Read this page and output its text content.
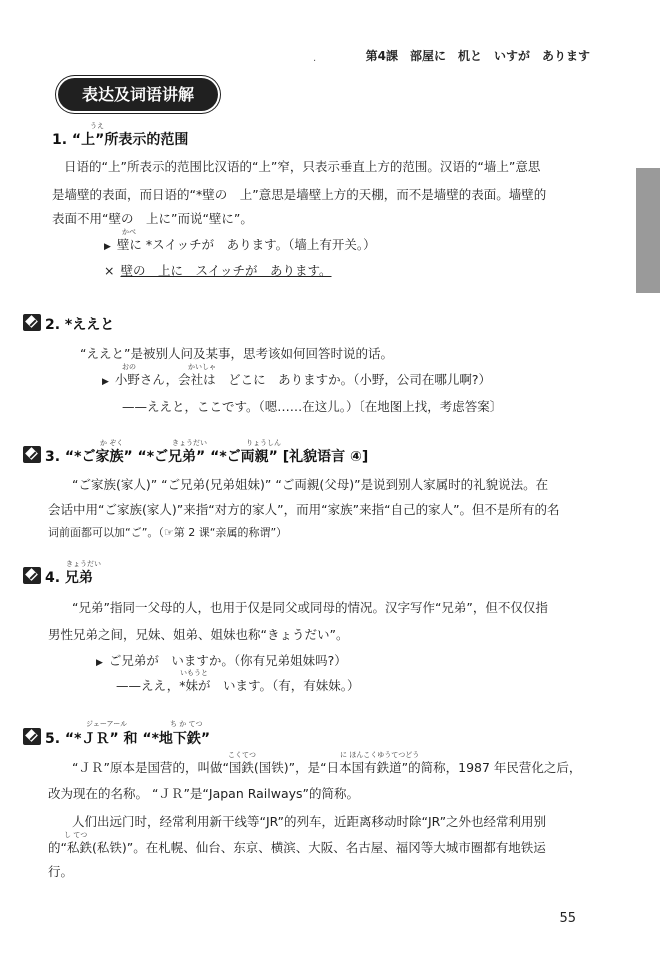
·	第4課　部屋に　机と　いすが　あります
表达及词语讲解
うえ
1. “上”所表示的范围
日语的“上”所表示的范围比汉语的“上”窄，只表示垂直上方的范围。汉语的“墙上”意思
是墙壁的表面，而日语的“*壁の　上”意思是墙壁上方的天棚，而不是墙壁的表面。墙壁的
表面不用“壁の　上に”而说“壁に”。
かべ
▶ 壁に *スイッチが　あります。（墙上有开关。）
× 壁の　上に　スイッチが　あります。
2. *ええと
“ええと”是被别人问及某事，思考该如何回答时说的话。
おの	かいしゃ
▶ 小野さん，会社は　どこに　ありますか。（小野，公司在哪儿啊?）
——ええと，ここです。（嗯……在这儿。）〔在地图上找，考虑答案〕
か ぞく	きょうだい	りょうしん
3. “*ご家族” “*ご兄弟” “*ご両親” [礼貌语言 ④]
“ご家族(家人)” “ご兄弟(兄弟姐妹)” “ご両親(父母)”是说到别人家属时的礼貌说法。在
会话中用“ご家族(家人)”来指“对方的家人”，而用“家族”来指“自己的家人”。但不是所有的名
词前面都可以加“ご”。（☞第 2 课“亲属的称谓”）
きょうだい
4. 兄弟
“兄弟”指同一父母的人，也用于仅是同父或同母的情况。汉字写作“兄弟”，但不仅仅指
男性兄弟之间，兄妹、姐弟、姐妹也称“きょうだい”。
▶ ご兄弟が　いますか。（你有兄弟姐妹吗?）
いもうと
——ええ，*妹が　います。（有，有妹妹。）
ジェーアール	ち か てつ
5. “*ＪＲ” 和 “*地下鉄”
こくてつ	に ほんこくゆうてつどう
“ＪＲ”原本是国营的，叫做“国鉄(国铁)”，是“日本国有鉄道”的简称，1987 年民营化之后，
改为现在的名称。 “ＪＲ”是“Japan Railways”的简称。
人们出远门时，经常利用新干线等“JR”的列车，近距离移动时除“JR”之外也经常利用别
し てつ
的“私鉄(私铁)”。在札幌、仙台、东京、横滨、大阪、名古屋、福冈等大城市圈都有地铁运
行。
55
